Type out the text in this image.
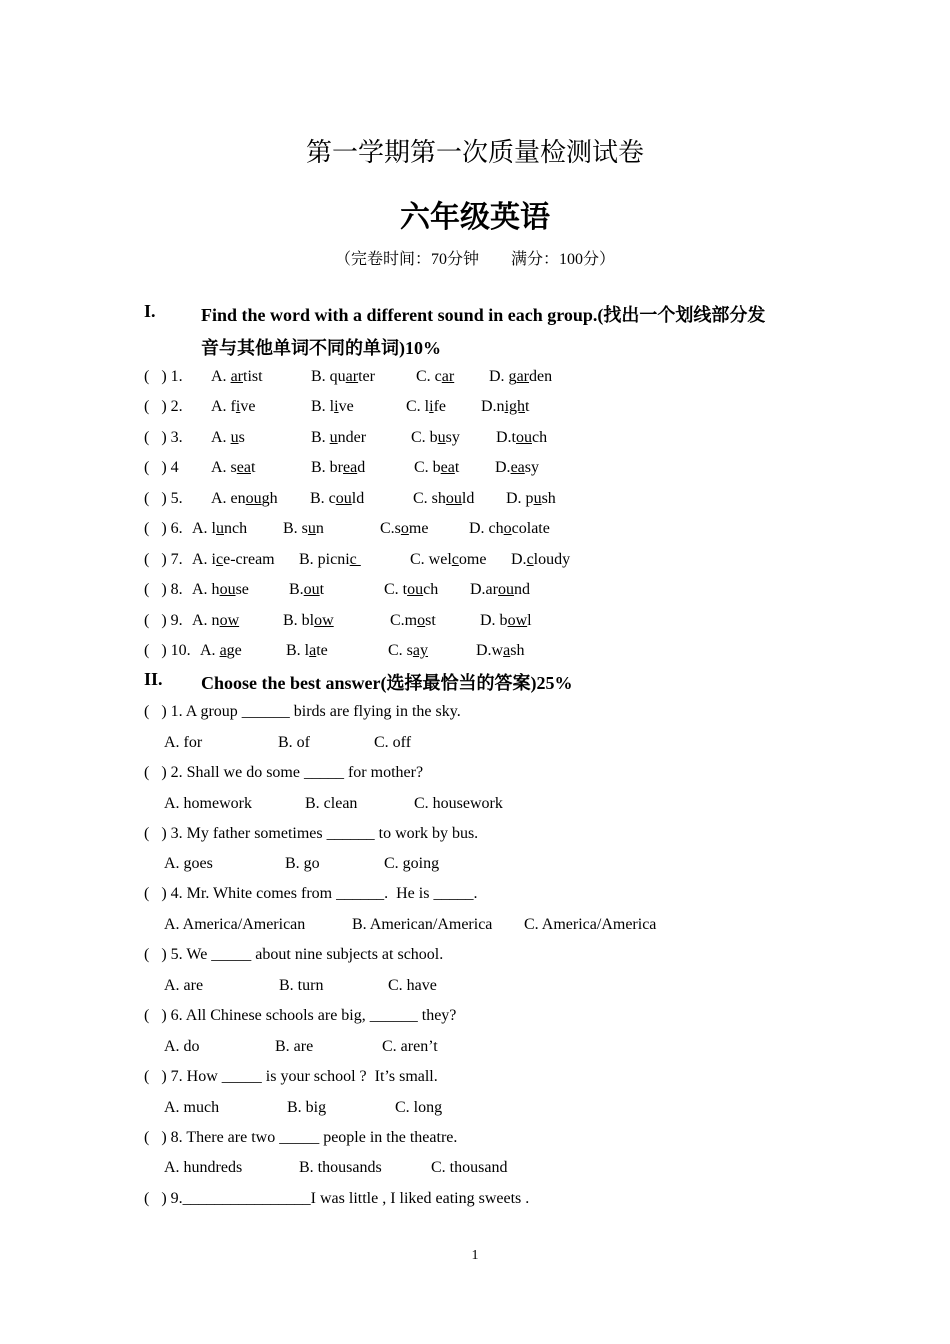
第一学期第一次质量检测试卷
六年级英语
（完卷时间：70分钟        满分：100分）
I.	Find the word with a different sound in each group.(找出一个划线部分发
音与其他单词不同的单词)10%
(   ) 1. A. artist	B. quarter	C. car D. garden
(   ) 2. A. five	B. live	C. life D.night
(   ) 3. A. us	B. under	C. busy D.touch
(   ) 4 A. seat	B. bread	C. beat D.easy
(   ) 5. A. enough B. could	C. should D. push
(   ) 6. A. lunch B. sun	C.some	D. chocolate
(   ) 7. A. ice-cream B. picnic	C. welcome D.cloudy
(   ) 8. A. house	B.out	C. touch D.around
(   ) 9. A. now	B. blow	C.most	D. bowl
(   ) 10. A. age	B. late	C. say	D.wash
II. Choose the best answer(选择最恰当的答案)25%
(   ) 1. A group ______ birds are flying in the sky.
A. for	B. of	C. off
(   ) 2. Shall we do some _____ for mother?
A. homework	B. clean	C. housework
(   ) 3. My father sometimes ______ to work by bus.
A. goes	B. go	C. going
(   ) 4. Mr. White comes from ______.  He is _____.
A. America/American	B. American/America C. America/America
(   ) 5. We _____ about nine subjects at school.
A. are	B. turn	C. have
(   ) 6. All Chinese schools are big, ______ they?
A. do	B. are	C. aren’t
(   ) 7. How _____ is your school ?  It’s small.
A. much	B. big	C. long
(   ) 8. There are two _____ people in the theatre.
A. hundreds	B. thousands	C. thousand
(   ) 9.________________I was little , I liked eating sweets .
1
